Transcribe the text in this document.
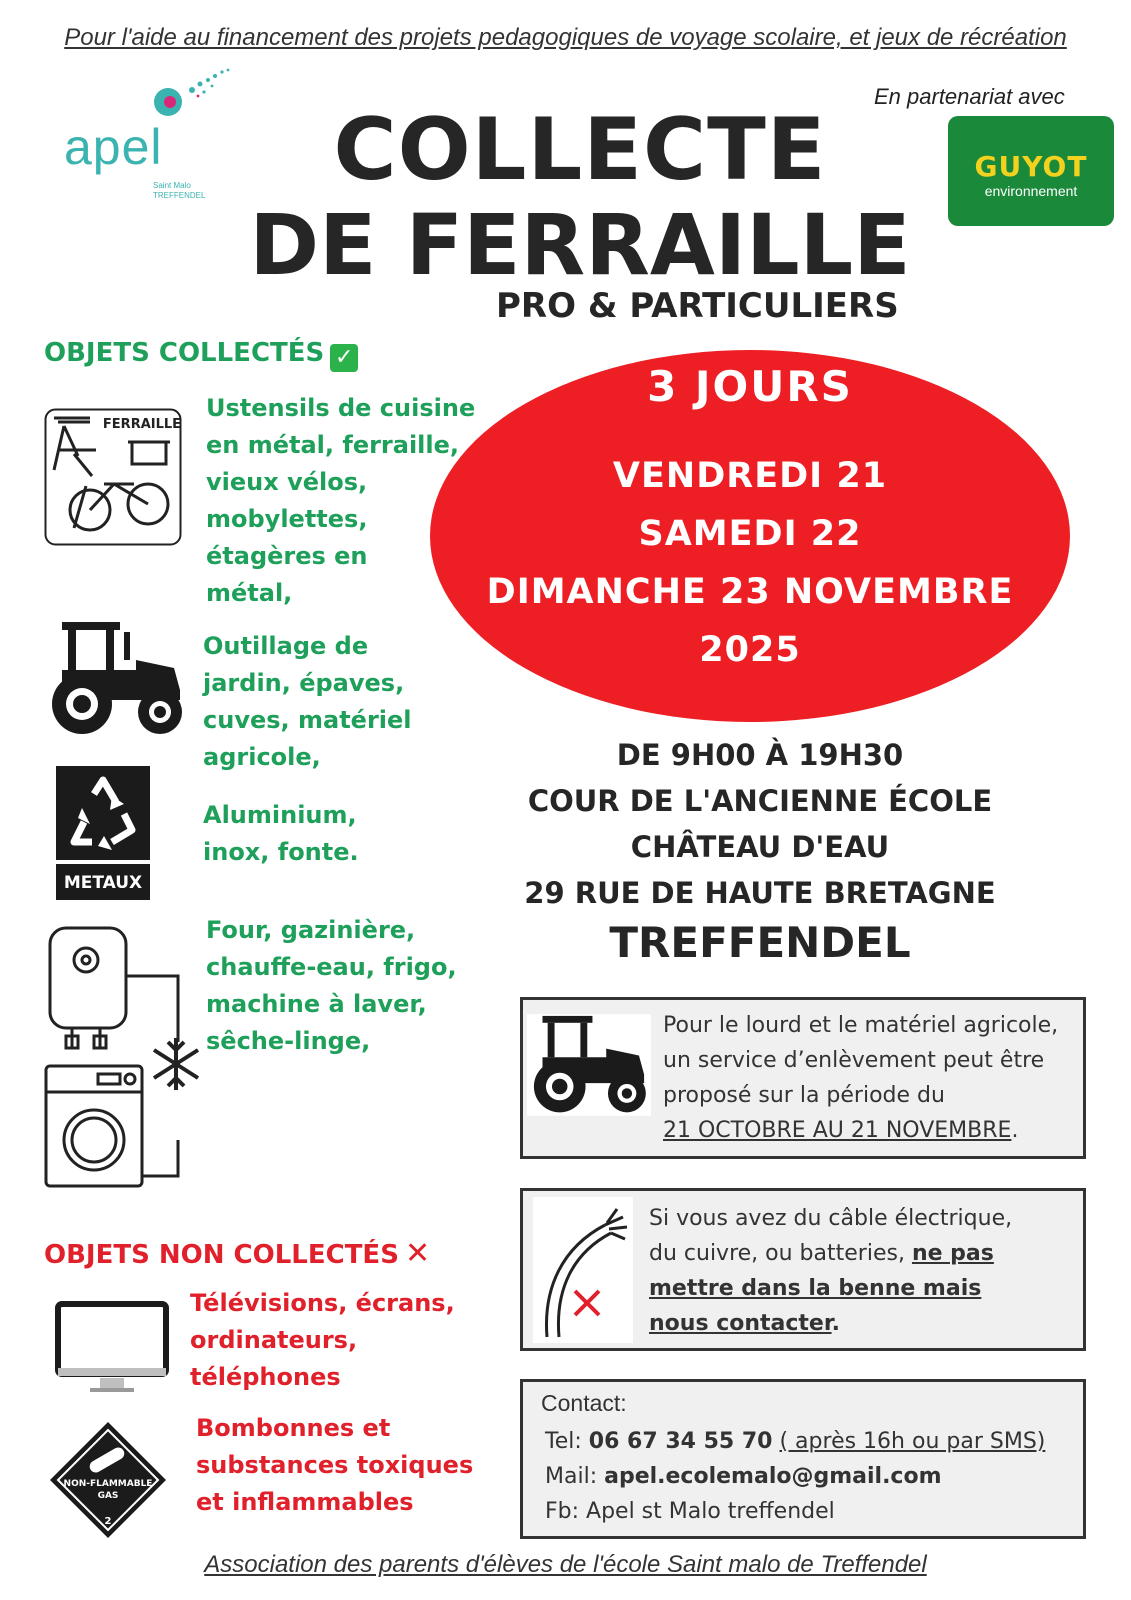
Pour l'aide au financement des projets pedagogiques de voyage scolaire, et jeux de récréation
apel
Saint Malo
TREFFENDEL
En partenariat avec
GUYOT
environnement
COLLECTE
DE FERRAILLE
PRO & PARTICULIERS
OBJETS COLLECTÉS ✓
FERRAILLE
Ustensils de cuisine
en métal, ferraille,
vieux vélos,
mobylettes,
étagères en
métal,
Outillage de
jardin, épaves,
cuves, matériel
agricole,
METAUX
Aluminium,
inox, fonte.
Four, gazinière,
chauffe-eau, frigo,
machine à laver,
sêche-linge,
OBJETS NON COLLECTÉS ✕
Télévisions, écrans,
ordinateurs,
téléphones
NON-FLAMMABLE
GAS
2
Bombonnes et
substances toxiques
et inflammables
3 JOURS
VENDREDI 21
SAMEDI 22
DIMANCHE 23 NOVEMBRE
2025
DE 9H00 À 19H30
COUR DE L'ANCIENNE ÉCOLE
CHÂTEAU D'EAU
29 RUE DE HAUTE BRETAGNE
TREFFENDEL
Pour le lourd et le matériel agricole,
un service d’enlèvement peut être
proposé sur la période du
21 OCTOBRE AU 21 NOVEMBRE.
Si vous avez du câble électrique,
du cuivre, ou batteries, ne pas
mettre dans la benne mais
nous contacter.
Contact:
Tel: 06 67 34 55 70 ( après 16h ou par SMS)
Mail: apel.ecolemalo@gmail.com
Fb: Apel st Malo treffendel
Association des parents d'élèves de l'école Saint malo de Treffendel
